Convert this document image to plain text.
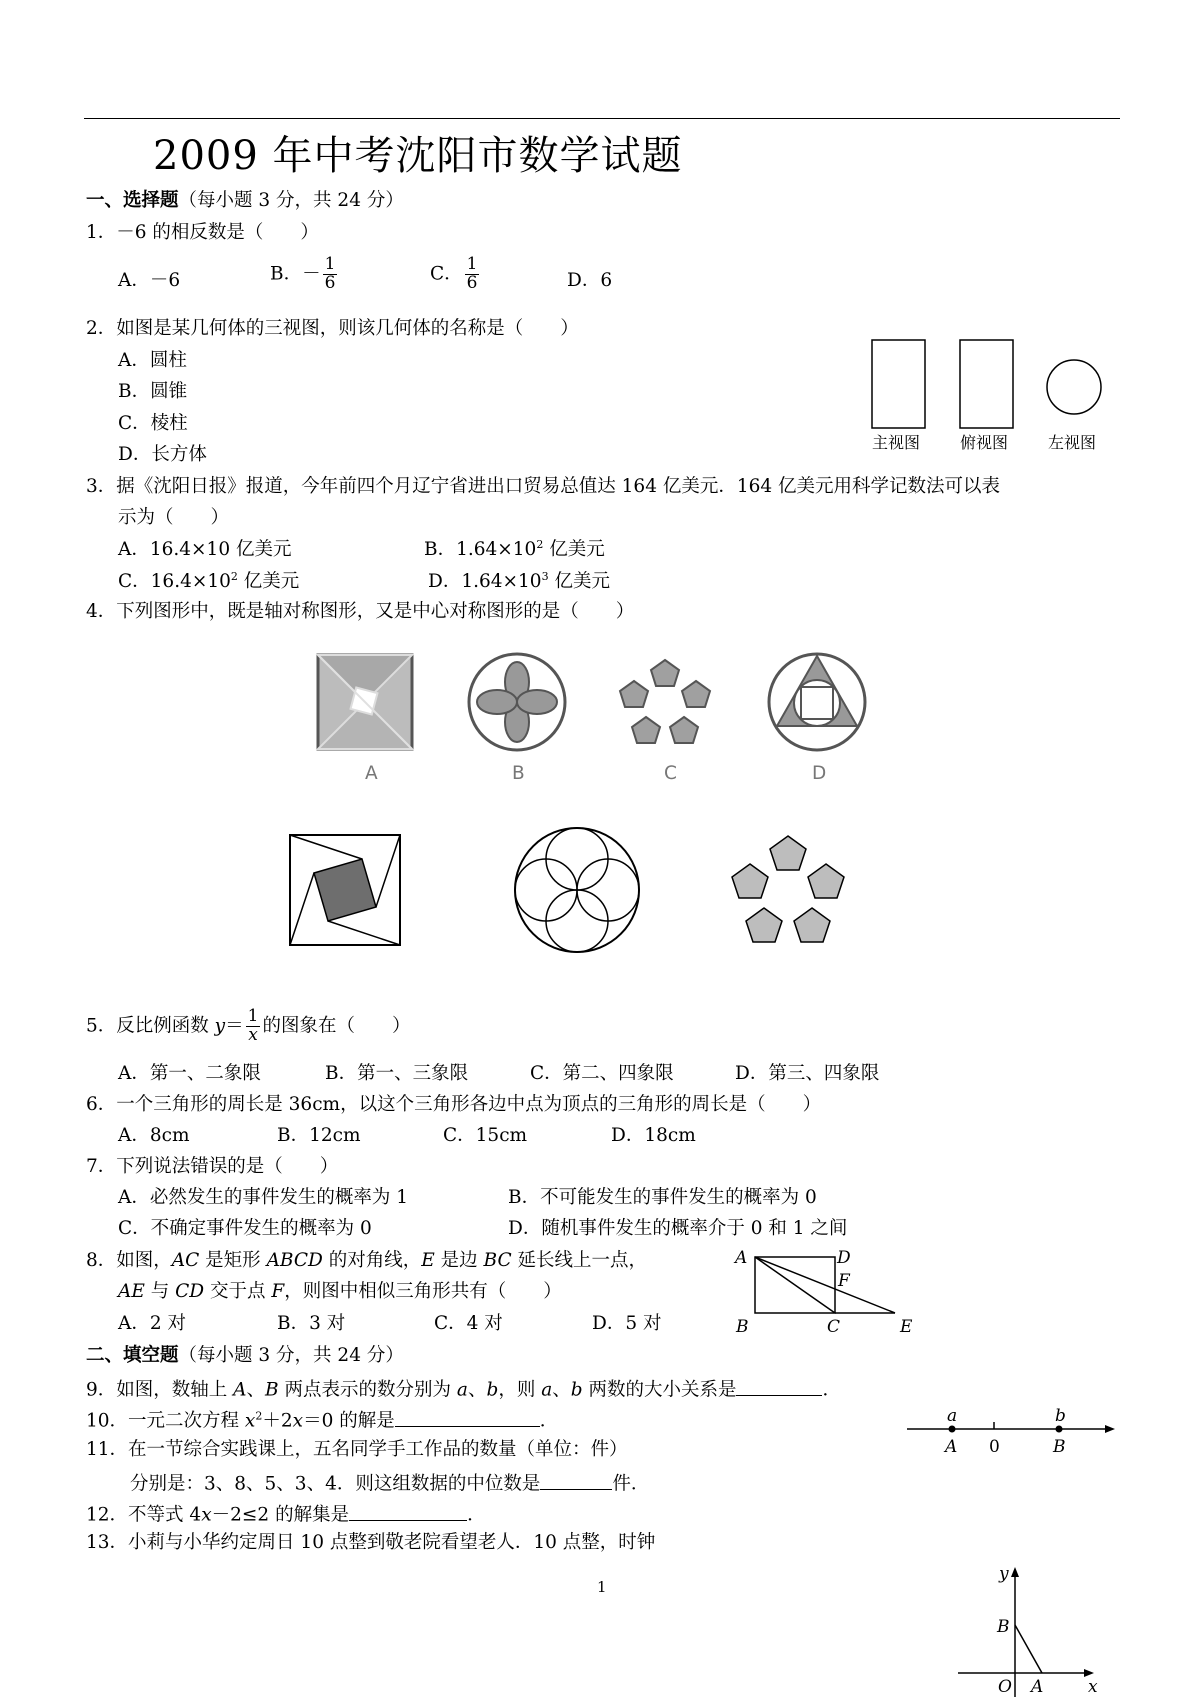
2009 年中考沈阳市数学试题
一、选择题（每小题 3 分，共 24 分）
1．－6 的相反数是（　　）
A．－6	B．－ $\frac{1}{6}$	C． $\frac{1}{6}$	D．6
2．如图是某几何体的三视图，则该几何体的名称是（　　）
A．圆柱
B．圆锥
C．棱柱
D．长方体
主视图 俯视图 左视图
3．据《沈阳日报》报道，今年前四个月辽宁省进出口贸易总值达 164 亿美元．164 亿美元用科学记数法可以表
示为（　　）
A．16.4×10 亿美元	B．$1.64\times 10^2$ 亿美元
C．$16.4\times 10^2$ 亿美元	D．$1.64\times 10^3$ 亿美元
4．下列图形中，既是轴对称图形，又是中心对称图形的是（　　）
A	B	C	D
5．反比例函数 $y= \frac{1}{x}$ 的图象在（　　）
A．第一、二象限	B．第一、三象限	C．第二、四象限	D．第三、四象限
6．一个三角形的周长是 36cm，以这个三角形各边中点为顶点的三角形的周长是（　　）
A．8cm	B．12cm	C．15cm	D．18cm
7．下列说法错误的是（　　）
A．必然发生的事件发生的概率为 1	B．不可能发生的事件发生的概率为 0
C．不确定事件发生的概率为 0	D．随机事件发生的概率介于 0 和 1 之间
8．如图，AC 是矩形 ABCD 的对角线，E 是边 BC 延长线上一点，
AE 与 CD 交于点 F，则图中相似三角形共有（　　）
A．2 对	B．3 对	C．4 对	D．5 对
A	D
F
B	C	E
二、填空题（每小题 3 分，共 24 分）
9．如图，数轴上 A、B 两点表示的数分别为 a、b，则 a、b 两数的大小关系是	．
a	b
A 0	B
10．一元二次方程 $x^2+2x=0$ 的解是	．
11．在一节综合实践课上，五名同学手工作品的数量（单位：件）
分别是：3、8、5、3、4．则这组数据的中位数是	件．
12．不等式 4x－2≤2 的解集是	．
13．小莉与小华约定周日 10 点整到敬老院看望老人．10 点整，时钟
1
y
B
O A	x
